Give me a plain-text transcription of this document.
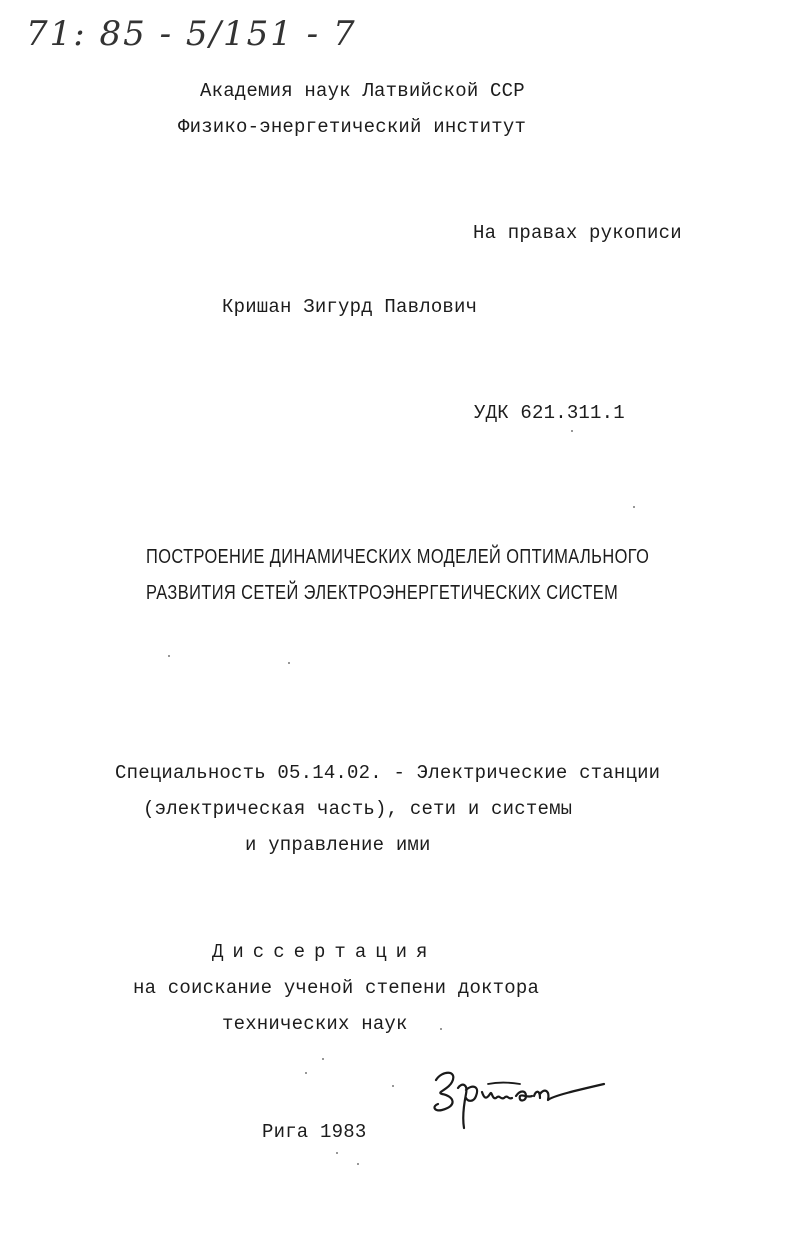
71: 85 - 5/151 - 7
Академия наук Латвийской ССР
Физико-энергетический институт
На правах рукописи
Кришан Зигурд Павлович
УДК 621.311.1
ПОСТРОЕНИЕ ДИНАМИЧЕСКИХ МОДЕЛЕЙ ОПТИМАЛЬНОГО
РАЗВИТИЯ СЕТЕЙ ЭЛЕКТРОЭНЕРГЕТИЧЕСКИХ СИСТЕМ
Специальность 05.14.02. - Электрические станции
(электрическая часть), сети и системы
и управление ими
Диссертация
на соискание ученой степени доктора
технических наук
Рига 1983
